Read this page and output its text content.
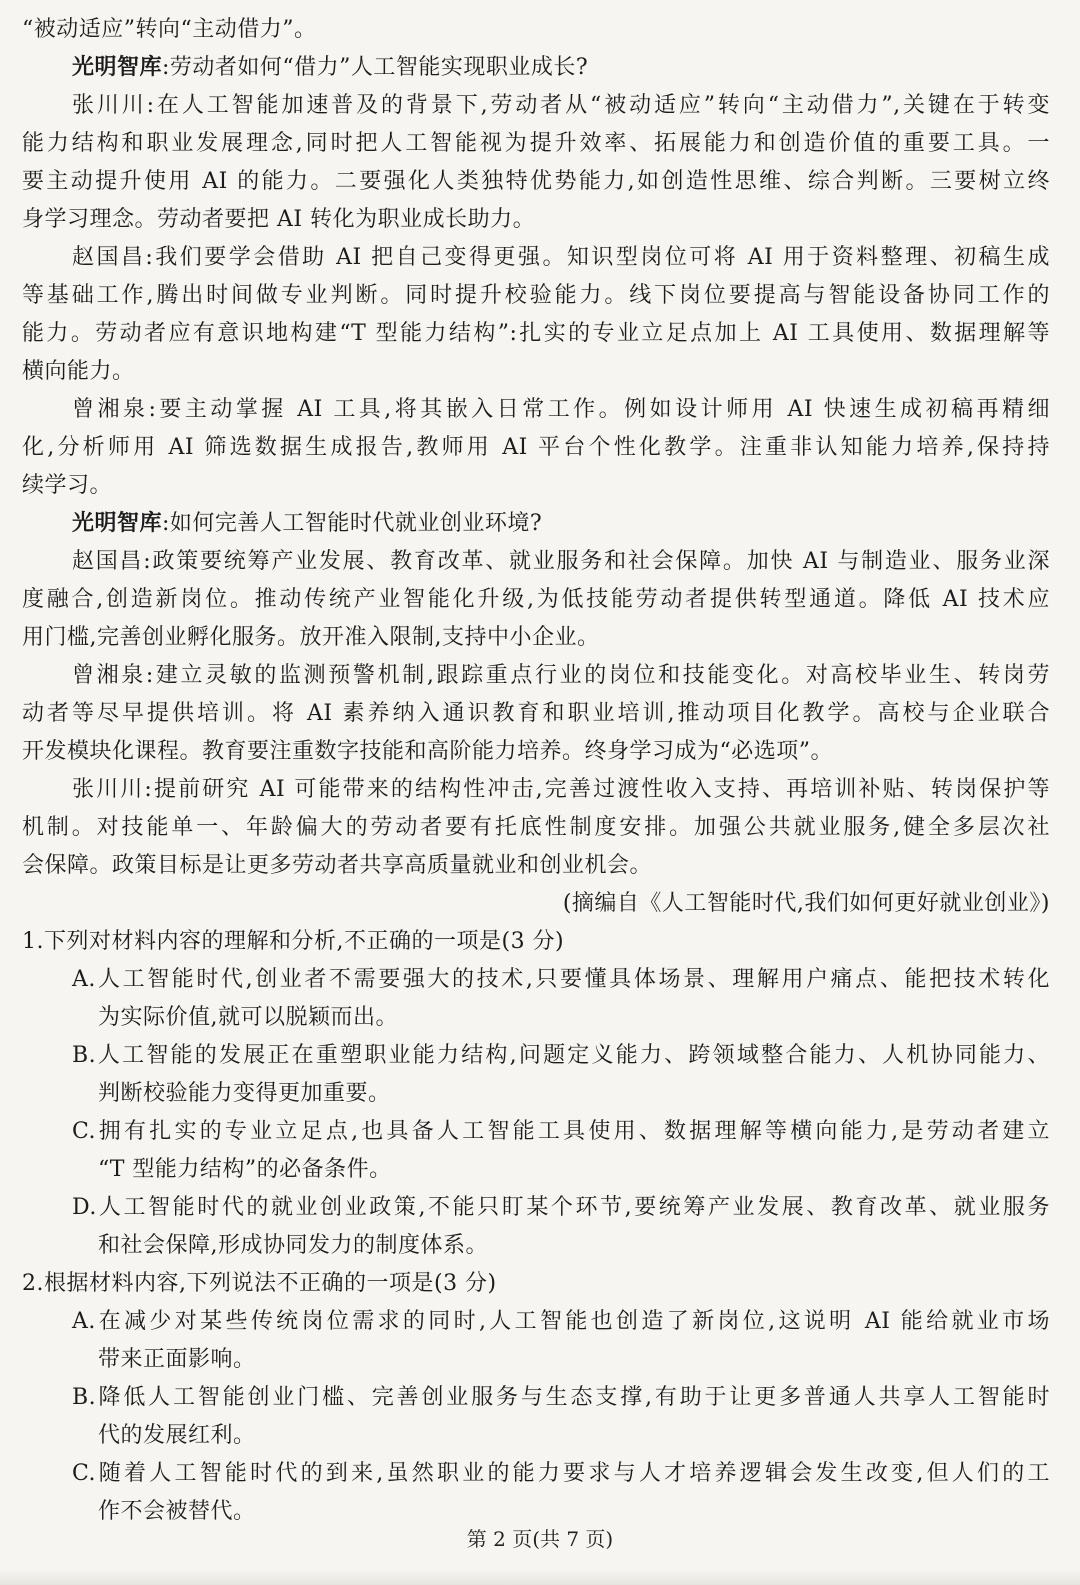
“被动适应”转向“主动借力”。
光明智库:劳动者如何“借力”人工智能实现职业成长?
张川川:在人工智能加速普及的背景下,劳动者从“被动适应”转向“主动借力”,关键在于转变
能力结构和职业发展理念,同时把人工智能视为提升效率、拓展能力和创造价值的重要工具。一
要主动提升使用 AI 的能力。二要强化人类独特优势能力,如创造性思维、综合判断。三要树立终
身学习理念。劳动者要把 AI 转化为职业成长助力。
赵国昌:我们要学会借助 AI 把自己变得更强。知识型岗位可将 AI 用于资料整理、初稿生成
等基础工作,腾出时间做专业判断。同时提升校验能力。线下岗位要提高与智能设备协同工作的
能力。劳动者应有意识地构建“T 型能力结构”:扎实的专业立足点加上 AI 工具使用、数据理解等
横向能力。
曾湘泉:要主动掌握 AI 工具,将其嵌入日常工作。例如设计师用 AI 快速生成初稿再精细
化,分析师用 AI 筛选数据生成报告,教师用 AI 平台个性化教学。注重非认知能力培养,保持持
续学习。
光明智库:如何完善人工智能时代就业创业环境?
赵国昌:政策要统筹产业发展、教育改革、就业服务和社会保障。加快 AI 与制造业、服务业深
度融合,创造新岗位。推动传统产业智能化升级,为低技能劳动者提供转型通道。降低 AI 技术应
用门槛,完善创业孵化服务。放开准入限制,支持中小企业。
曾湘泉:建立灵敏的监测预警机制,跟踪重点行业的岗位和技能变化。对高校毕业生、转岗劳
动者等尽早提供培训。将 AI 素养纳入通识教育和职业培训,推动项目化教学。高校与企业联合
开发模块化课程。教育要注重数字技能和高阶能力培养。终身学习成为“必选项”。
张川川:提前研究 AI 可能带来的结构性冲击,完善过渡性收入支持、再培训补贴、转岗保护等
机制。对技能单一、年龄偏大的劳动者要有托底性制度安排。加强公共就业服务,健全多层次社
会保障。政策目标是让更多劳动者共享高质量就业和创业机会。
(摘编自《人工智能时代,我们如何更好就业创业》)
1.下列对材料内容的理解和分析,不正确的一项是(3 分)
A.人工智能时代,创业者不需要强大的技术,只要懂具体场景、理解用户痛点、能把技术转化
为实际价值,就可以脱颖而出。
B.人工智能的发展正在重塑职业能力结构,问题定义能力、跨领域整合能力、人机协同能力、
判断校验能力变得更加重要。
C.拥有扎实的专业立足点,也具备人工智能工具使用、数据理解等横向能力,是劳动者建立
“T 型能力结构”的必备条件。
D.人工智能时代的就业创业政策,不能只盯某个环节,要统筹产业发展、教育改革、就业服务
和社会保障,形成协同发力的制度体系。
2.根据材料内容,下列说法不正确的一项是(3 分)
A.在减少对某些传统岗位需求的同时,人工智能也创造了新岗位,这说明 AI 能给就业市场
带来正面影响。
B.降低人工智能创业门槛、完善创业服务与生态支撑,有助于让更多普通人共享人工智能时
代的发展红利。
C.随着人工智能时代的到来,虽然职业的能力要求与人才培养逻辑会发生改变,但人们的工
作不会被替代。
第 2 页(共 7 页)
